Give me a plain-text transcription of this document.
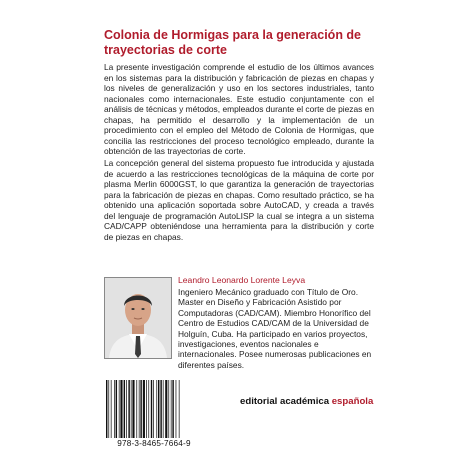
Colonia de Hormigas para la generación de trayectorias de corte

La presente investigación comprende el estudio de los últimos avances en los sistemas para la distribución y fabricación de piezas en chapas y los niveles de generalización y uso en los sectores industriales, tanto nacionales como internacionales. Este estudio conjuntamente con el análisis de técnicas y métodos, empleados durante el corte de piezas en chapas, ha permitido el desarrollo y la implementación de un procedimiento con el empleo del Método de Colonia de Hormigas, que concilia las restricciones del proceso tecnológico empleado, durante la obtención de las trayectorias de corte.

La concepción general del sistema propuesto fue introducida y ajustada de acuerdo a las restricciones tecnológicas de la máquina de corte por plasma Merlin 6000GST, lo que garantiza la generación de trayectorias para la fabricación de piezas en chapas. Como resultado práctico, se ha obtenido una aplicación soportada sobre AutoCAD, y creada a través del lenguaje de programación AutoLISP la cual se integra a un sistema CAD/CAPP obteniéndose una herramienta para la distribución y corte de piezas en chapas.

Leandro Leonardo Lorente Leyva
Ingeniero Mecánico graduado con Título de Oro. Master en Diseño y Fabricación Asistido por Computadoras (CAD/CAM). Miembro Honorífico del Centro de Estudios CAD/CAM de la Universidad de Holguín, Cuba. Ha participado en varios proyectos, investigaciones, eventos nacionales e internacionales. Posee numerosas publicaciones en diferentes países.
978-3-8465-7664-9
editorial académica española
